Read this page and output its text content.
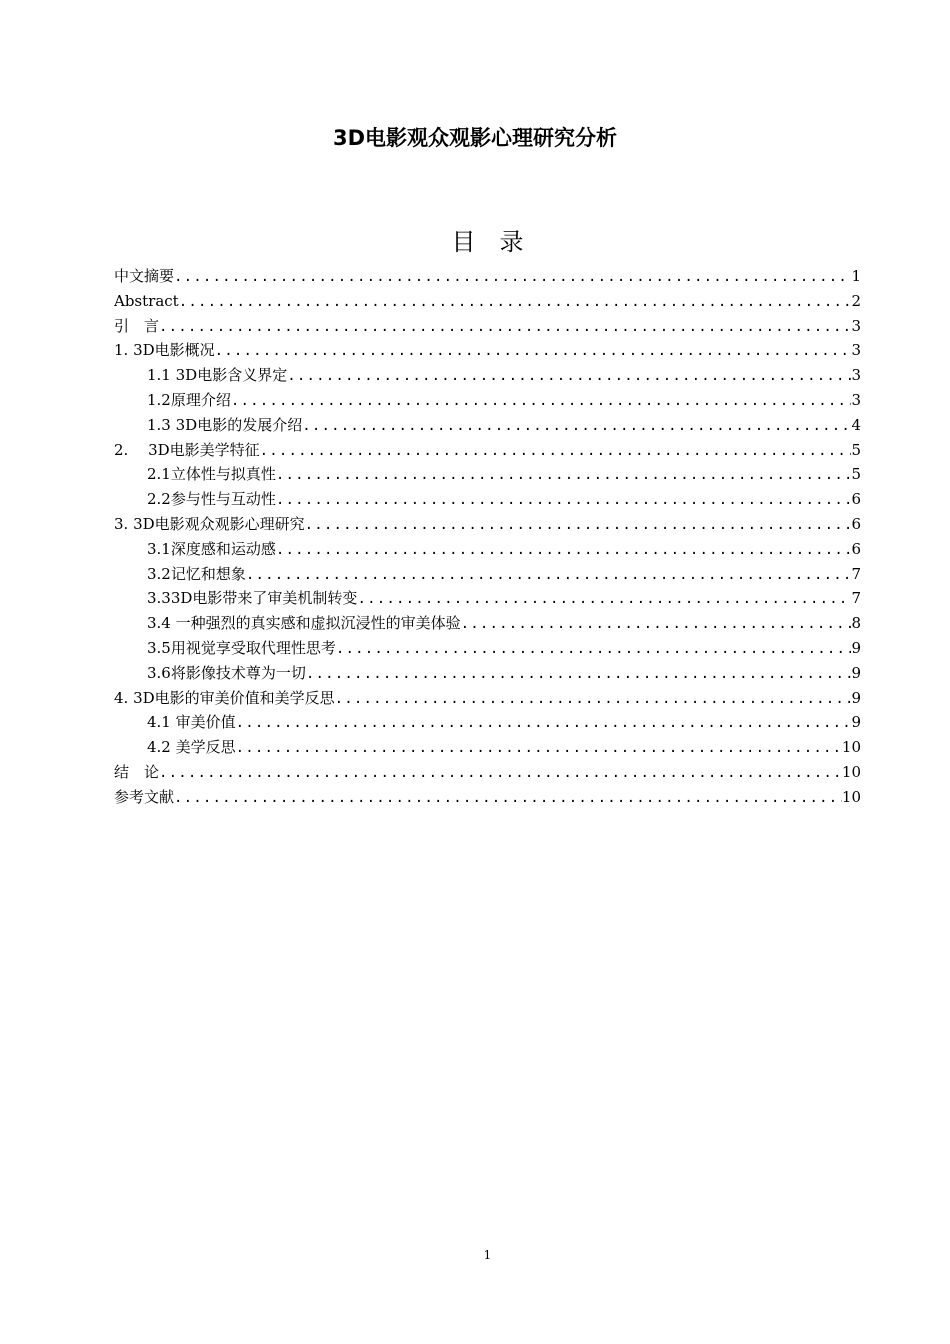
3D电影观众观影心理研究分析
目　录
中文摘要 .....	1
Abstract .....	2
引　言 .....	3
1. 3D电影概况 .....	3
1.1 3D电影含义界定 .....	3
1.2原理介绍 .....	3
1.3 3D电影的发展介绍 .....	4
2.　 3D电影美学特征 .....	5
2.1立体性与拟真性 .....	5
2.2参与性与互动性 .....	6
3. 3D电影观众观影心理研究 .....	6
3.1深度感和运动感 .....	6
3.2记忆和想象 .....	7
3.33D电影带来了审美机制转变 .....	7
3.4 一种强烈的真实感和虚拟沉浸性的审美体验 .....	8
3.5用视觉享受取代理性思考 .....	9
3.6将影像技术尊为一切 .....	9
4. 3D电影的审美价值和美学反思 .....	9
4.1 审美价值 .....	9
4.2 美学反思 .....	10
结　论 .....	10
参考文献 .....	10
1
